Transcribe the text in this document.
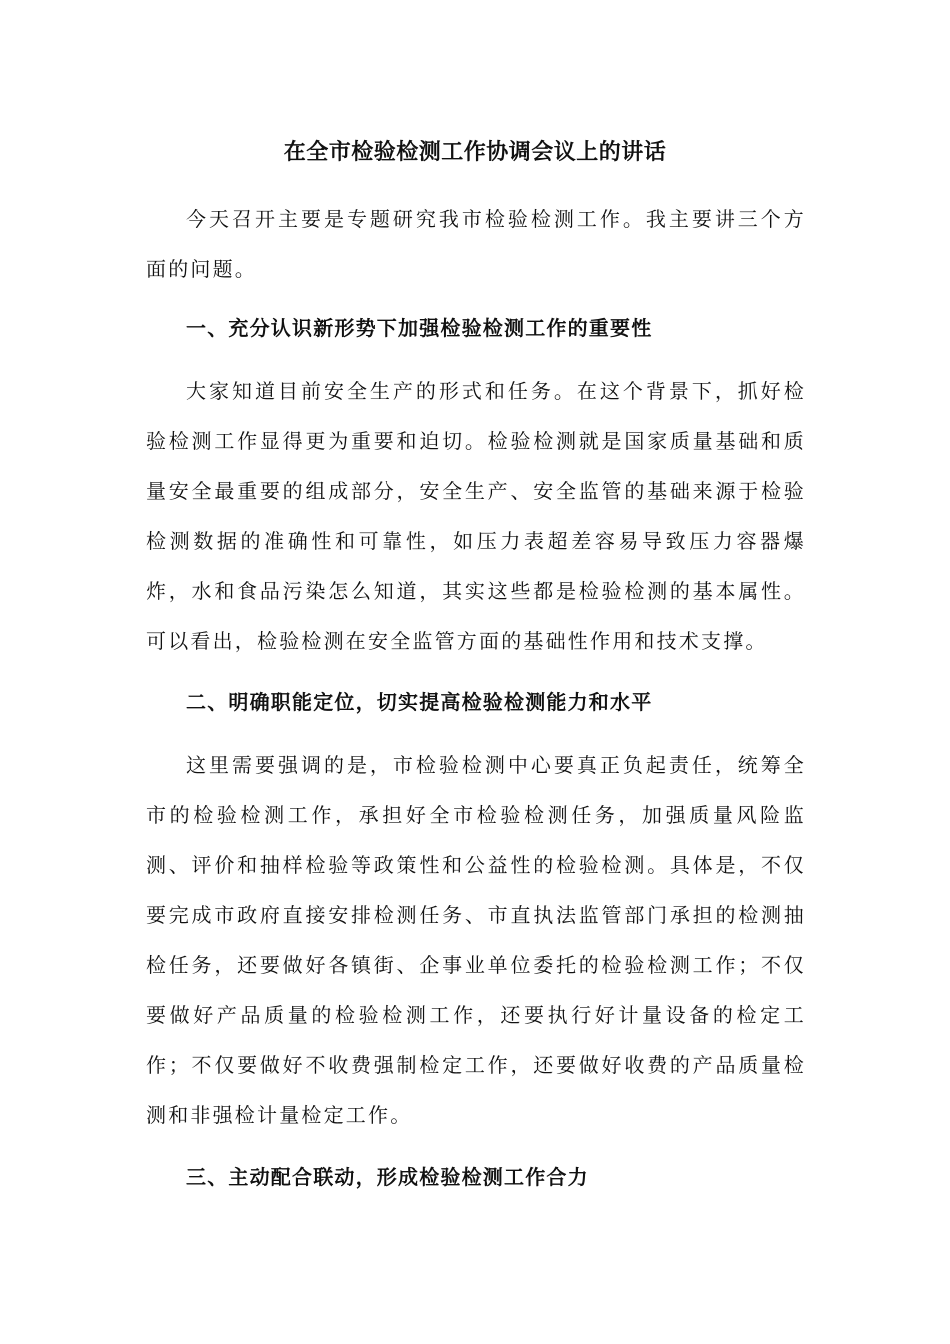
在全市检验检测工作协调会议上的讲话

今天召开主要是专题研究我市检验检测工作。我主要讲三个方面的问题。

一、充分认识新形势下加强检验检测工作的重要性

大家知道目前安全生产的形式和任务。在这个背景下，抓好检验检测工作显得更为重要和迫切。检验检测就是国家质量基础和质量安全最重要的组成部分，安全生产、安全监管的基础来源于检验检测数据的准确性和可靠性，如压力表超差容易导致压力容器爆炸，水和食品污染怎么知道，其实这些都是检验检测的基本属性。可以看出，检验检测在安全监管方面的基础性作用和技术支撑。

二、明确职能定位，切实提高检验检测能力和水平

这里需要强调的是，市检验检测中心要真正负起责任，统筹全市的检验检测工作，承担好全市检验检测任务，加强质量风险监测、评价和抽样检验等政策性和公益性的检验检测。具体是，不仅要完成市政府直接安排检测任务、市直执法监管部门承担的检测抽检任务，还要做好各镇街、企事业单位委托的检验检测工作；不仅要做好产品质量的检验检测工作，还要执行好计量设备的检定工作；不仅要做好不收费强制检定工作，还要做好收费的产品质量检测和非强检计量检定工作。

三、主动配合联动，形成检验检测工作合力
